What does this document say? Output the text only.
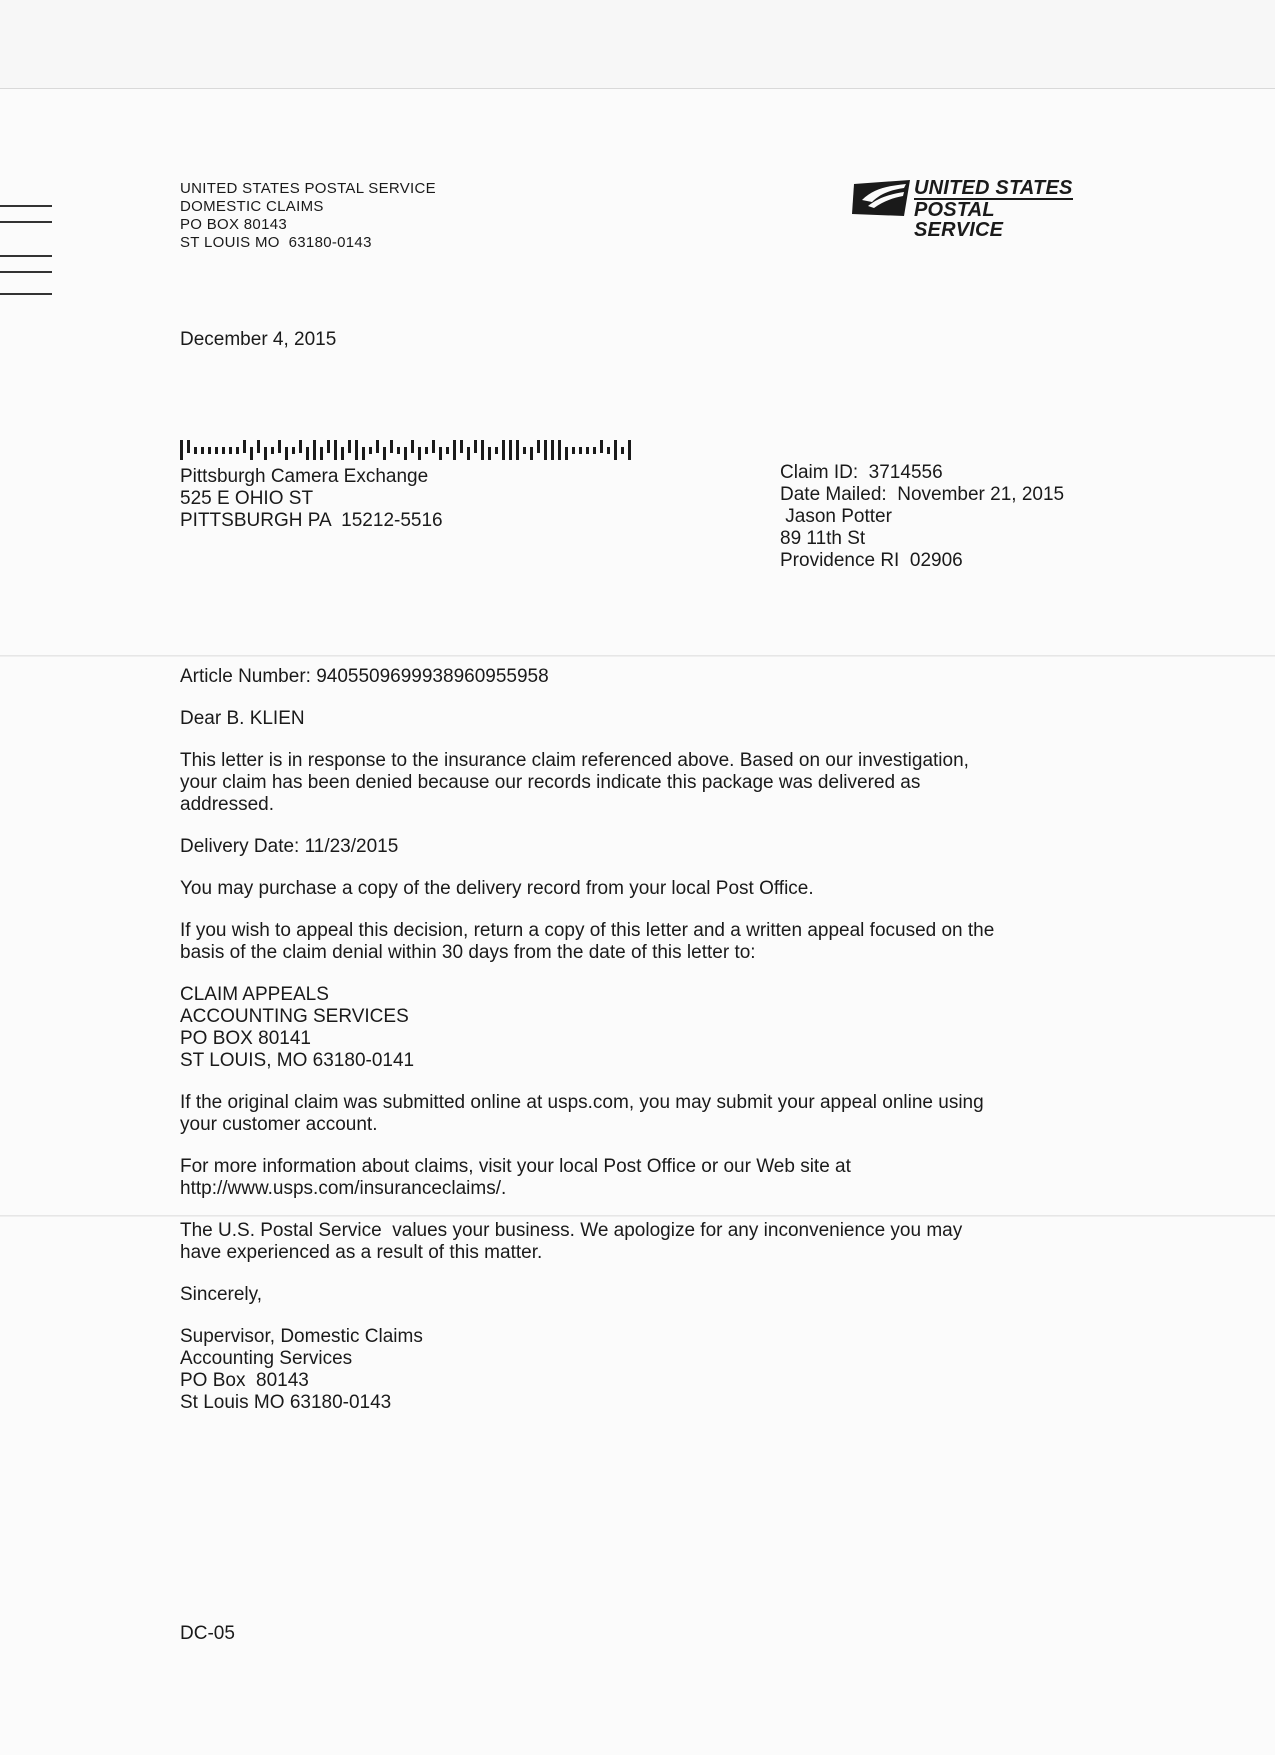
UNITED STATES POSTAL SERVICE
DOMESTIC CLAIMS
PO BOX 80143
ST LOUIS MO  63180-0143
UNITED STATES
POSTAL SERVICE
December 4, 2015
Pittsburgh Camera Exchange
525 E OHIO ST
PITTSBURGH PA  15212-5516
Claim ID:  3714556
Date Mailed:  November 21, 2015
Jason Potter
89 11th St
Providence RI  02906
Article Number: 9405509699938960955958
Dear B. KLIEN
This letter is in response to the insurance claim referenced above. Based on our investigation,
your claim has been denied because our records indicate this package was delivered as
addressed.
Delivery Date: 11/23/2015
You may purchase a copy of the delivery record from your local Post Office.
If you wish to appeal this decision, return a copy of this letter and a written appeal focused on the
basis of the claim denial within 30 days from the date of this letter to:
CLAIM APPEALS
ACCOUNTING SERVICES
PO BOX 80141
ST LOUIS, MO 63180-0141
If the original claim was submitted online at usps.com, you may submit your appeal online using
your customer account.
For more information about claims, visit your local Post Office or our Web site at
http://www.usps.com/insuranceclaims/.
The U.S. Postal Service  values your business. We apologize for any inconvenience you may
have experienced as a result of this matter.
Sincerely,
Supervisor, Domestic Claims
Accounting Services
PO Box  80143
St Louis MO 63180-0143
DC-05
